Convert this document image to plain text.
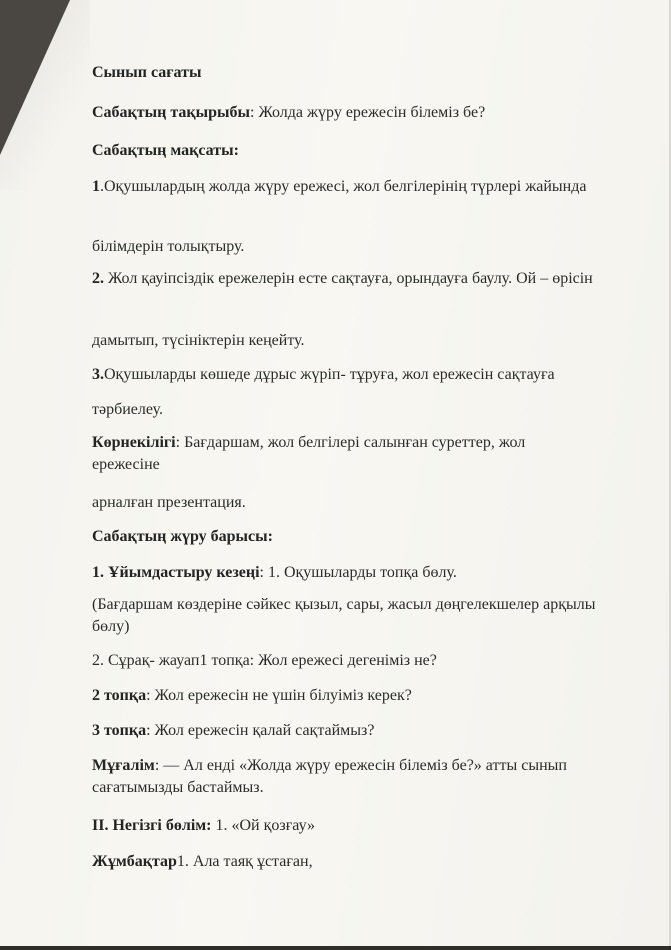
Сынып сағаты

Сабақтың тақырыбы: Жолда жүру ережесін білеміз бе?

Сабақтың мақсаты:

1.Оқушылардың жолда жүру ережесі, жол белгілерінің түрлері жайында

білімдерін толықтыру.

2. Жол қауіпсіздік ережелерін есте сақтауға, орындауға баулу. Ой – өрісін

дамытып, түсініктерін кеңейту.

3.Оқушыларды көшеде дұрыс жүріп- тұруға, жол ережесін сақтауға

тәрбиелеу.

Көрнекілігі: Бағдаршам, жол белгілері салынған суреттер, жол ережесіне

арналған презентация.

Сабақтың жүру барысы:

1. Ұйымдастыру кезеңі: 1. Оқушыларды топқа бөлу.

(Бағдаршам көздеріне сәйкес қызыл, сары, жасыл дөңгелекшелер арқылы бөлу)

2. Сұрақ- жауап1 топқа: Жол ережесі дегеніміз не?

2 топқа: Жол ережесін не үшін білуіміз керек?

3 топқа: Жол ережесін қалай сақтаймыз?

Мұғалім: — Ал енді «Жолда жүру ережесін білеміз бе?» атты сынып сағатымызды бастаймыз.

ІІ. Негізгі бөлім: 1. «Ой қозғау»

Жұмбақтар1. Ала таяқ ұстаған,
